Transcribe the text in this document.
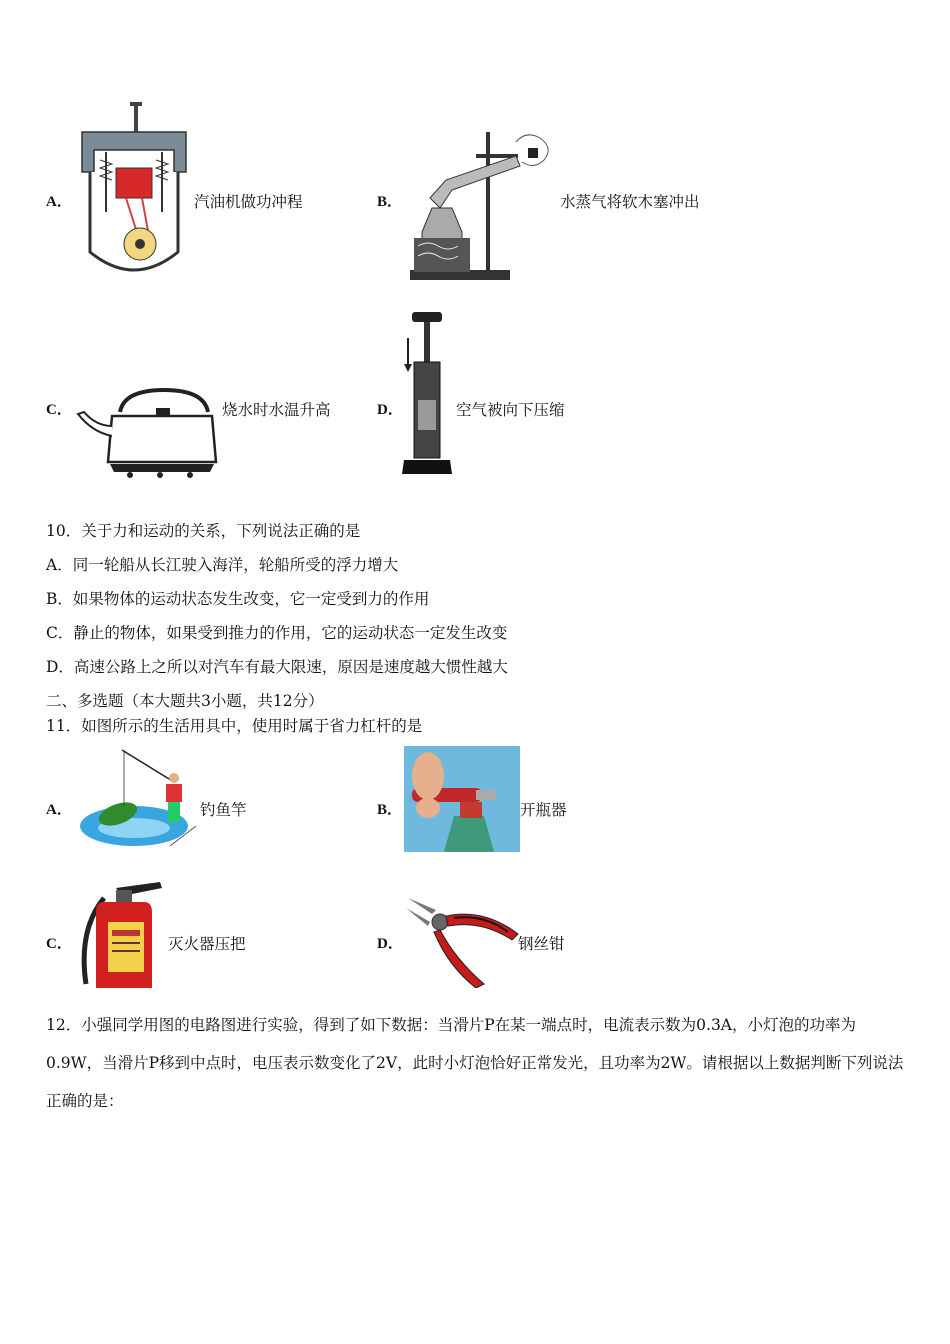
A．	汽油机做功冲程	B．	水蒸气将软木塞冲出
C．	烧水时水温升高	D．	空气被向下压缩
10．关于力和运动的关系，下列说法正确的是
A．同一轮船从长江驶入海洋，轮船所受的浮力增大
B．如果物体的运动状态发生改变，它一定受到力的作用
C．静止的物体，如果受到推力的作用，它的运动状态一定发生改变
D．高速公路上之所以对汽车有最大限速，原因是速度越大惯性越大
二、多选题（本大题共3小题，共12分）
11．如图所示的生活用具中，使用时属于省力杠杆的是
A．	钓鱼竿	B．	开瓶器
C．	灭火器压把	D．	钢丝钳
12．小强同学用图的电路图进行实验，得到了如下数据：当滑片P在某一端点时，电流表示数为0.3A，小灯泡的功率为0.9W，当滑片P移到中点时，电压表示数变化了2V，此时小灯泡恰好正常发光，且功率为2W。请根据以上数据判断下列说法正确的是：
